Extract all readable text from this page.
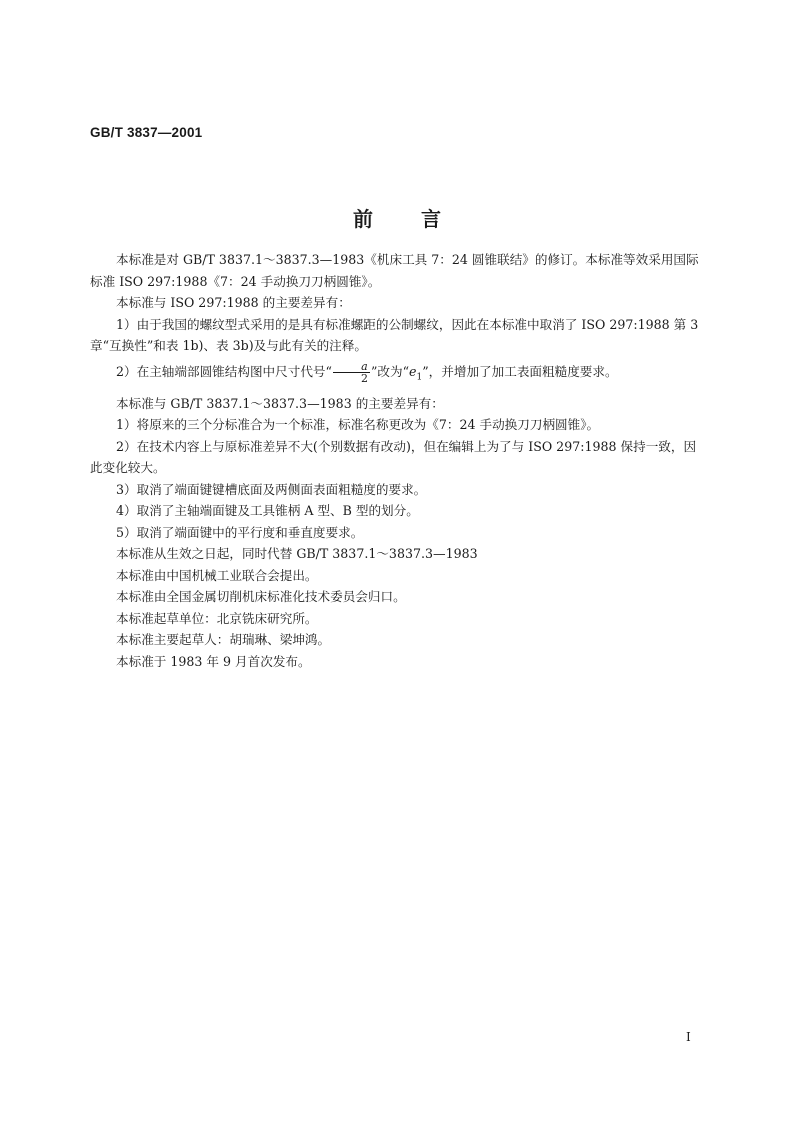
GB/T 3837—2001
前言

本标准是对 GB/T 3837.1～3837.3—1983《机床工具 7：24 圆锥联结》的修订。本标准等效采用国际标准 ISO 297:1988《7：24 手动换刀刀柄圆锥》。

本标准与 ISO 297:1988 的主要差异有：

1）由于我国的螺纹型式采用的是具有标准螺距的公制螺纹，因此在本标准中取消了 ISO 297:1988 第 3 章“互换性”和表 1b)、表 3b)及与此有关的注释。

2）在主轴端部圆锥结构图中尺寸代号“ $\frac{a}{2}$ ”改为“$e_1$”，并增加了加工表面粗糙度要求。

本标准与 GB/T 3837.1～3837.3—1983 的主要差异有：

1）将原来的三个分标准合为一个标准，标准名称更改为《7：24 手动换刀刀柄圆锥》。

2）在技术内容上与原标准差异不大(个别数据有改动)，但在编辑上为了与 ISO 297:1988 保持一致，因此变化较大。

3）取消了端面键键槽底面及两侧面表面粗糙度的要求。

4）取消了主轴端面键及工具锥柄 A 型、B 型的划分。

5）取消了端面键中的平行度和垂直度要求。

本标准从生效之日起，同时代替 GB/T 3837.1～3837.3—1983

本标准由中国机械工业联合会提出。

本标准由全国金属切削机床标准化技术委员会归口。

本标准起草单位：北京铣床研究所。

本标准主要起草人：胡瑞琳、梁坤鸿。

本标准于 1983 年 9 月首次发布。

I
